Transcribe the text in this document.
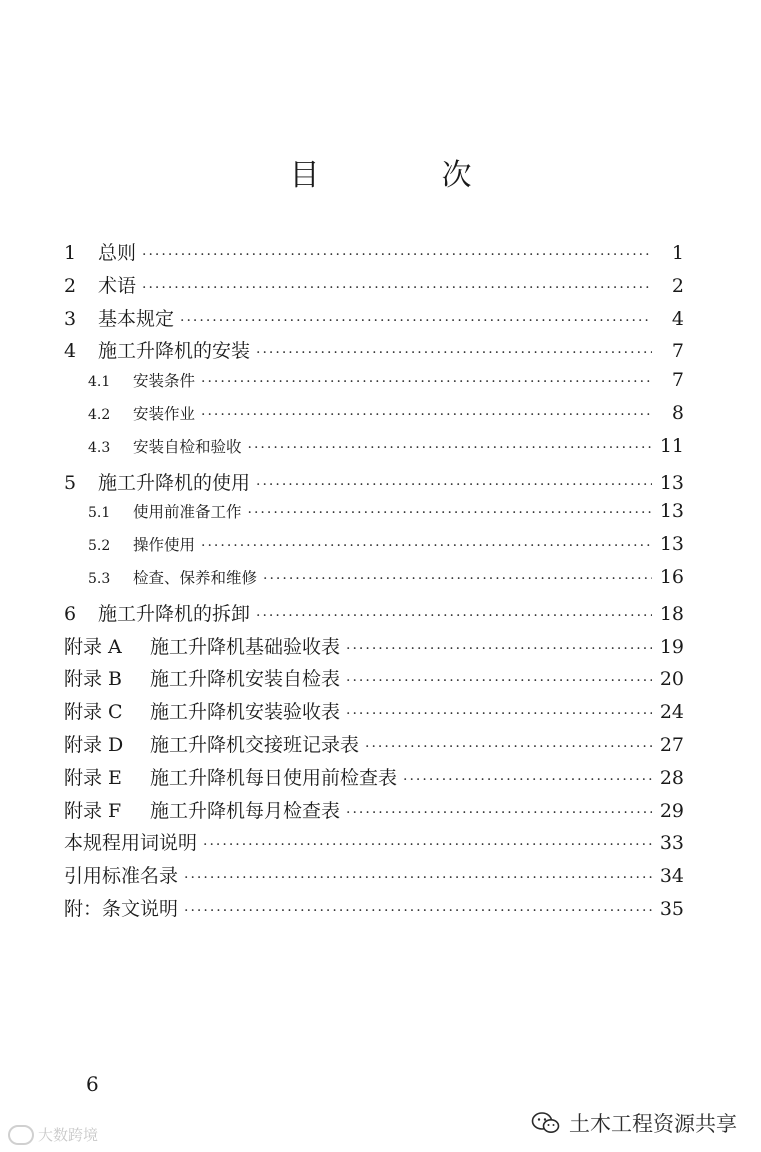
目　次
1	总则 ·····	1
2	术语 ·····	2
3	基本规定 ·····	4
4	施工升降机的安装 ·····	7
4.1	安装条件 ·····	7
4.2	安装作业 ·····	8
4.3	安装自检和验收 ·····	11
5	施工升降机的使用 ·····	13
5.1	使用前准备工作 ·····	13
5.2	操作使用 ·····	13
5.3	检查、保养和维修 ·····	16
6	施工升降机的拆卸 ·····	18
附录 A	施工升降机基础验收表 ·····	19
附录 B	施工升降机安装自检表 ·····	20
附录 C	施工升降机安装验收表 ·····	24
附录 D	施工升降机交接班记录表 ·····	27
附录 E	施工升降机每日使用前检查表 ·····	28
附录 F	施工升降机每月检查表 ·····	29
本规程用词说明 ·····	33
引用标准名录 ·····	34
附：条文说明 ·····	35
6
大数跨境	土木工程资源共享
